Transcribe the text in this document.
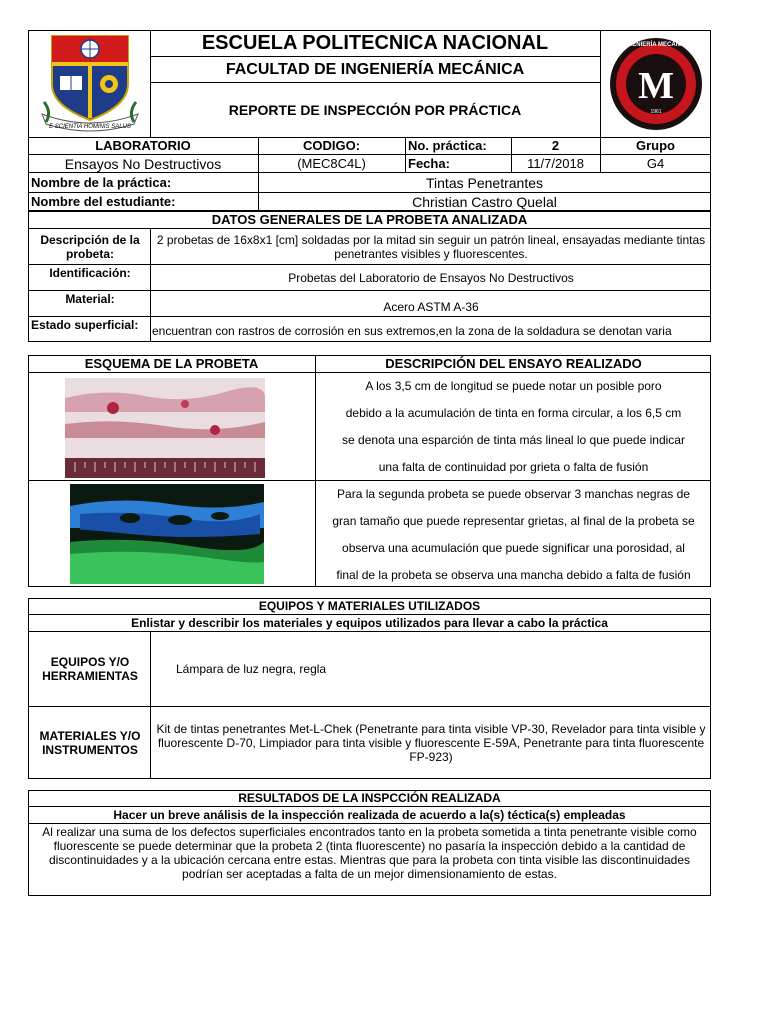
E SCIENTIA HOMINIS SALUS
M
INGENIERÍA MECÁNICA
1961
ESCUELA POLITECNICA NACIONAL
FACULTAD DE INGENIERÍA MECÁNICA
REPORTE DE INSPECCIÓN POR PRÁCTICA
LABORATORIO	CODIGO:	No. práctica:	2	Grupo
Ensayos No Destructivos	(MEC8C4L)	Fecha:	11/7/2018	G4
Nombre de la práctica:	Tintas Penetrantes
Nombre del estudiante:	Christian Castro Quelal
DATOS GENERALES DE LA PROBETA ANALIZADA
Descripción de la probeta:
2 probetas de 16x8x1 [cm] soldadas por la mitad sin seguir un patrón lineal, ensayadas mediante tintas penetrantes visibles y fluorescentes.
Identificación:	Probetas del Laboratorio de Ensayos No Destructivos
Material:
Acero ASTM A-36
Estado superficial:	encuentran con rastros de corrosión en sus extremos,en la zona de la soldadura se denotan varia
ESQUEMA DE LA PROBETA	DESCRIPCIÓN DEL ENSAYO REALIZADO
A los 3,5 cm de longitud se puede notar un posible poro
debido a la acumulación de tinta en forma circular, a los 6,5 cm
se denota una esparción de tinta más lineal lo que puede indicar
una falta de continuidad por grieta o falta de fusión
Para la segunda probeta se puede observar 3 manchas negras de
gran tamaño que puede representar grietas, al final de la probeta se
observa una acumulación que puede significar una porosidad, al
final de la probeta se observa una mancha debido a falta de fusión
EQUIPOS Y MATERIALES UTILIZADOS
Enlistar y describir los materiales y equipos utilizados para llevar a cabo la práctica
EQUIPOS Y/O HERRAMIENTAS	Lámpara de luz negra, regla
MATERIALES Y/O INSTRUMENTOS
Kit de tintas penetrantes Met-L-Chek (Penetrante para tinta visible VP-30, Revelador para tinta visible y fluorescente D-70, Limpiador para tinta visible y fluorescente E-59A, Penetrante para tinta fluorescente FP-923)
RESULTADOS DE LA INSPCCIÓN REALIZADA
Hacer un breve análisis de la inspección realizada de acuerdo a la(s) téctica(s) empleadas
Al realizar una suma de los defectos superficiales encontrados tanto en la probeta sometida a tinta penetrante visible como fluorescente se puede determinar que la probeta 2 (tinta fluorescente) no pasaría la inspección debido a la cantidad de discontinuidades y a la ubicación cercana entre estas. Mientras que para la probeta con tinta visible las discontinuidades podrían ser aceptadas a falta de un mejor dimensionamiento de estas.
